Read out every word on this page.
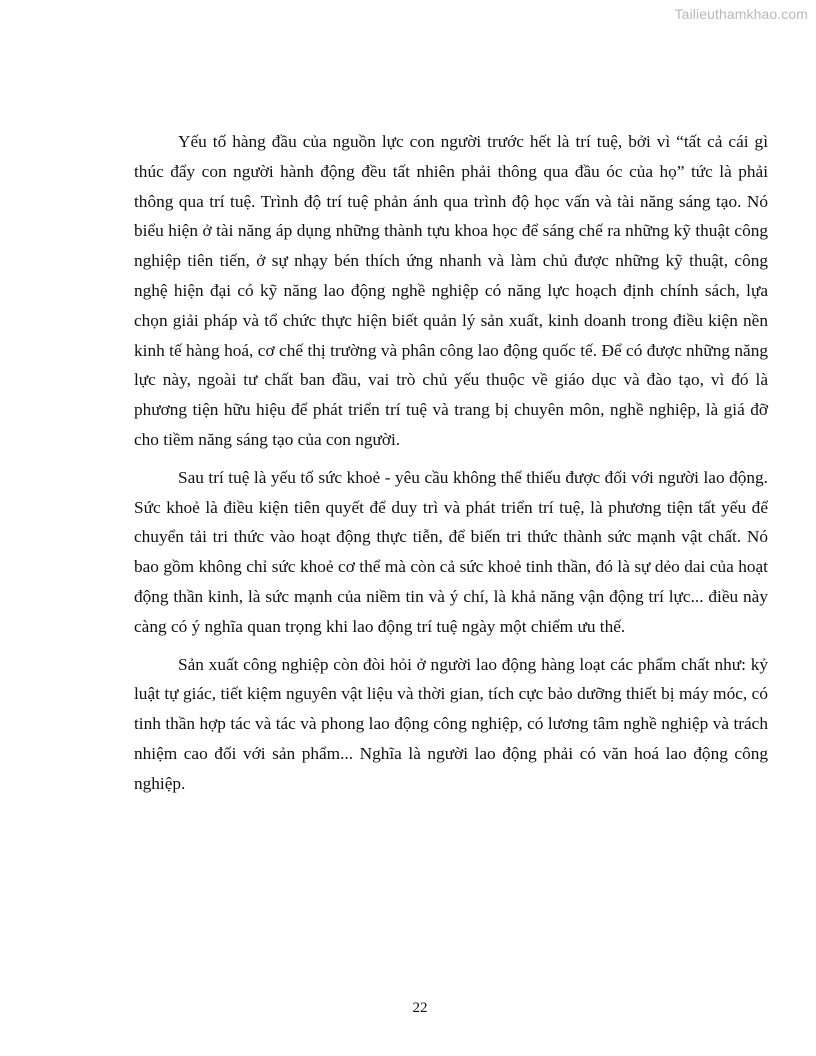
Tailieuthamkhao.com

Yếu tố hàng đầu của nguồn lực con người trước hết là trí tuệ, bởi vì “tất cả cái gì thúc đẩy con người hành động đều tất nhiên phải thông qua đầu óc của họ” tức là phải thông qua trí tuệ. Trình độ trí tuệ phản ánh qua trình độ học vấn và tài năng sáng tạo. Nó biểu hiện ở tài năng áp dụng những thành tựu khoa học để sáng chế ra những kỹ thuật công nghiệp tiên tiến, ở sự nhạy bén thích ứng nhanh và làm chủ được những kỹ thuật, công nghệ hiện đại có kỹ năng lao động nghề nghiệp có năng lực hoạch định chính sách, lựa chọn giải pháp và tổ chức thực hiện biết quản lý sản xuất, kinh doanh trong điều kiện nền kinh tế hàng hoá, cơ chế thị trường và phân công lao động quốc tế. Để có được những năng lực này, ngoài tư chất ban đầu, vai trò chủ yếu thuộc về giáo dục và đào tạo, vì đó là phương tiện hữu hiệu để phát triển trí tuệ và trang bị chuyên môn, nghề nghiệp, là giá đỡ cho tiềm năng sáng tạo của con người.

Sau trí tuệ là yếu tố sức khoẻ - yêu cầu không thể thiếu được đối với người lao động. Sức khoẻ là điều kiện tiên quyết để duy trì và phát triển trí tuệ, là phương tiện tất yếu để chuyển tải tri thức vào hoạt động thực tiễn, để biến tri thức thành sức mạnh vật chất. Nó bao gồm không chỉ sức khoẻ cơ thể mà còn cả sức khoẻ tinh thần, đó là sự dẻo dai của hoạt động thần kinh, là sức mạnh của niềm tin và ý chí, là khả năng vận động trí lực... điều này càng có ý nghĩa quan trọng khi lao động trí tuệ ngày một chiếm ưu thế.

Sản xuất công nghiệp còn đòi hỏi ở người lao động hàng loạt các phẩm chất như: kỷ luật tự giác, tiết kiệm nguyên vật liệu và thời gian, tích cực bảo dưỡng thiết bị máy móc, có tinh thần hợp tác và tác và phong lao động công nghiệp, có lương tâm nghề nghiệp và trách nhiệm cao đối với sản phẩm... Nghĩa là người lao động phải có văn hoá lao động công nghiệp.

22
